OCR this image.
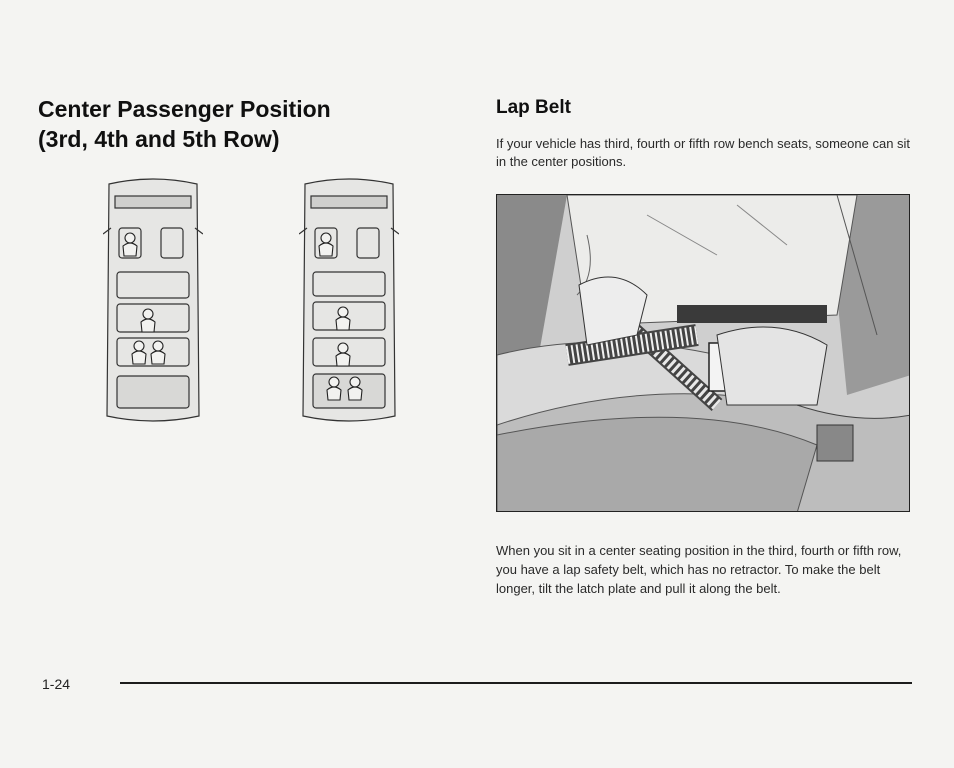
Center Passenger Position
(3rd, 4th and 5th Row)
Lap Belt

If your vehicle has third, fourth or fifth row bench seats, someone can sit in the center positions.

When you sit in a center seating position in the third, fourth or fifth row, you have a lap safety belt, which has no retractor. To make the belt longer, tilt the latch plate and pull it along the belt.

1-24
